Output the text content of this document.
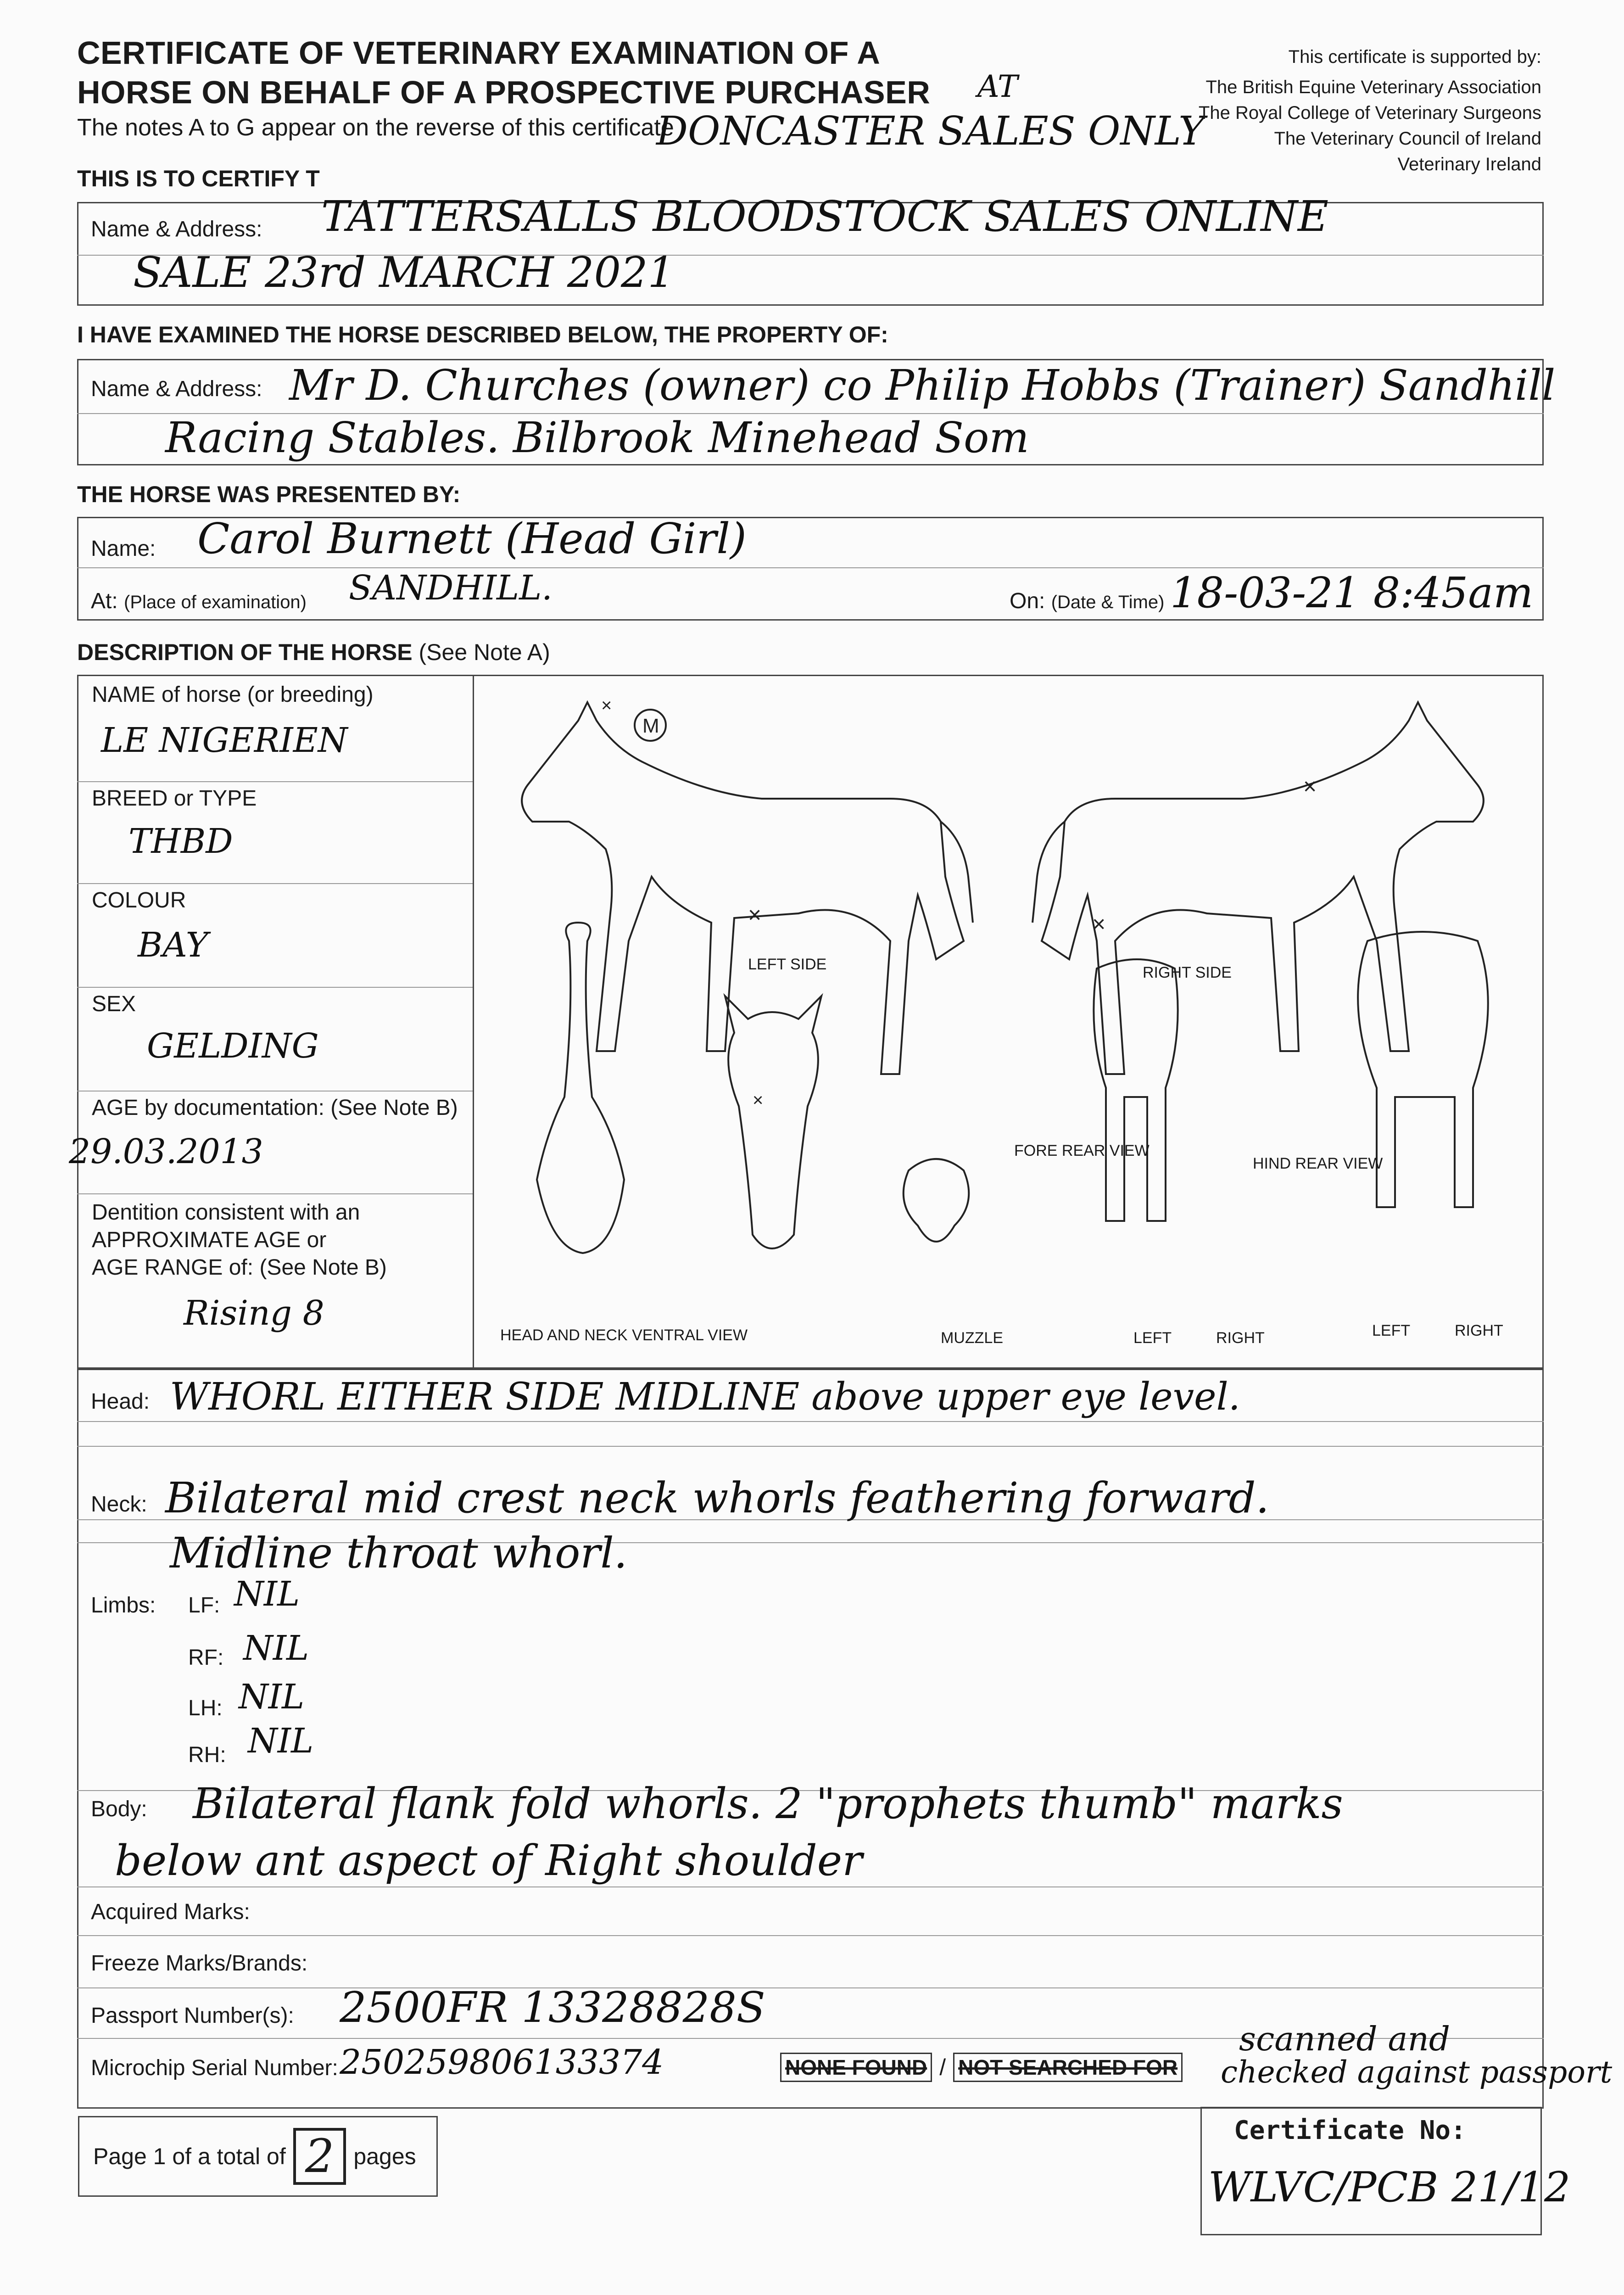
CERTIFICATE OF VETERINARY EXAMINATION OF A
HORSE ON BEHALF OF A PROSPECTIVE PURCHASER AT
The notes A to G appear on the reverse of this certificate
DONCASTER SALES ONLY
This certificate is supported by:
The British Equine Veterinary Association
The Royal College of Veterinary Surgeons
The Veterinary Council of Ireland
Veterinary Ireland
THIS IS TO CERTIFY T
Name & Address: TATTERSALLS BLOODSTOCK SALES ONLINE
SALE 23rd MARCH 2021
I HAVE EXAMINED THE HORSE DESCRIBED BELOW, THE PROPERTY OF:
Name & Address: Mr D. Churches (owner) co Philip Hobbs (Trainer) Sandhill
Racing Stables. Bilbrook Minehead Som
THE HORSE WAS PRESENTED BY:
Name: Carol Burnett (Head Girl)
At: (Place of examination) SANDHILL.	On: (Date & Time) 18-03-21 8:45am
DESCRIPTION OF THE HORSE (See Note A)
NAME of horse (or breeding)
LE NIGERIEN
BREED or TYPE
THBD
COLOUR
BAY
SEX
GELDING
AGE by documentation: (See Note B)
29.03.2013
Dentition consistent with an
APPROXIMATE AGE or
AGE RANGE of: (See Note B)
Rising 8
×
M
×
×
×
×
LEFT SIDE	RIGHT SIDE
FORE REAR VIEW
HIND REAR VIEW
HEAD AND NECK VENTRAL VIEW	MUZZLE	LEFT	RIGHT	LEFT	RIGHT
Head: WHORL EITHER SIDE MIDLINE above upper eye level.
Neck: Bilateral mid crest neck whorls feathering forward.
Midline throat whorl.
Limbs: LF: NIL
RF: NIL
LH: NIL
RH: NIL
Body: Bilateral flank fold whorls. 2 "prophets thumb" marks
below ant aspect of Right shoulder
Acquired Marks:
Freeze Marks/Brands:
Passport Number(s): 2500FR 13328828S
Microchip Serial Number: 250259806133374	NONE FOUND / NOT SEARCHED FOR
scanned and
checked against passport
Page 1 of a total of 2 pages
Certificate No:
WLVC/PCB 21/12
